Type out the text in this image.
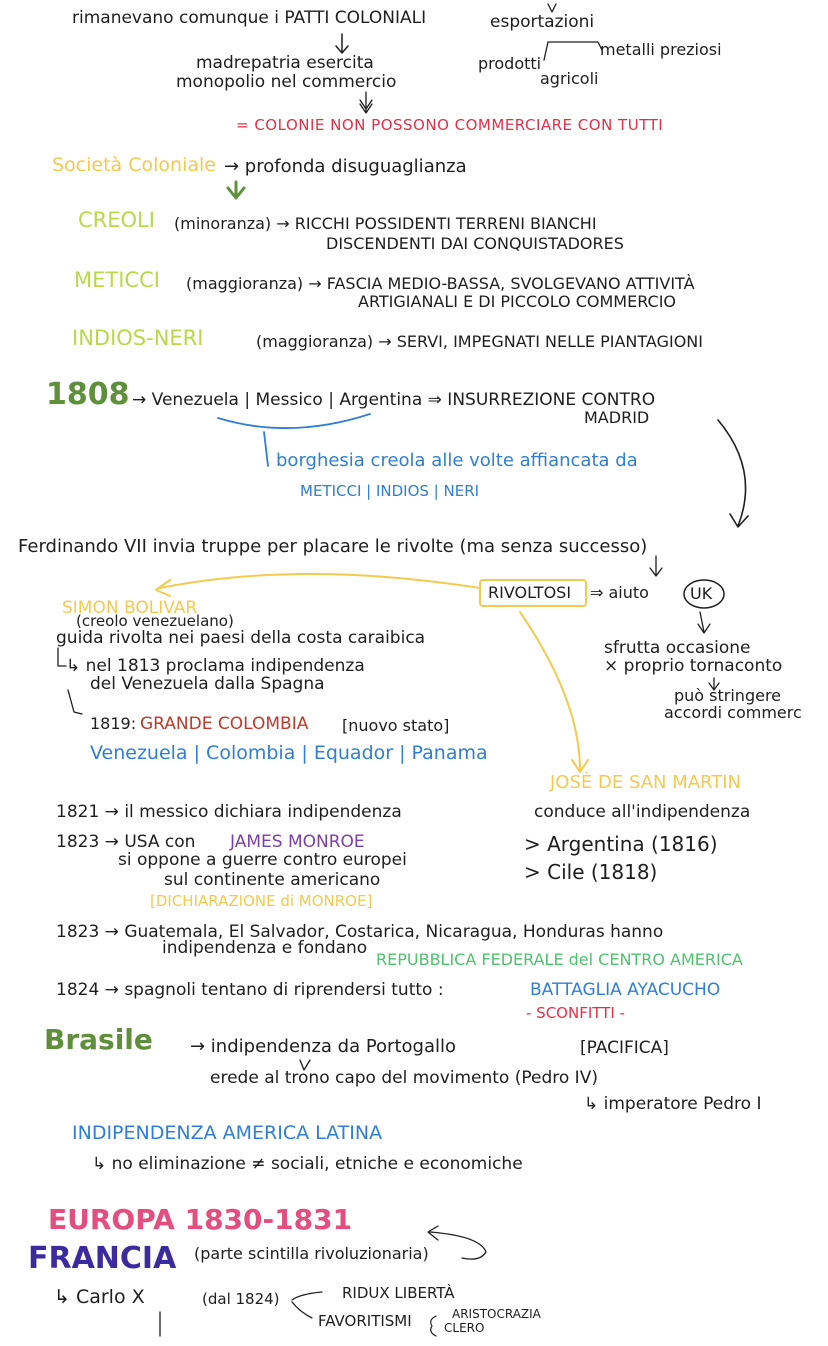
rimanevano comunque i PATTI COLONIALI	esportazioni
metalli preziosi
madrepatria esercita
monopolio nel commercio
prodotti
agricoli
= COLONIE NON POSSONO COMMERCIARE CON TUTTI
Società Coloniale → profonda disuguaglianza
CREOLI (minoranza) → RICCHI POSSIDENTI TERRENI BIANCHI
DISCENDENTI DAI CONQUISTADORES
METICCI (maggioranza) → FASCIA MEDIO-BASSA, SVOLGEVANO ATTIVITÀ
ARTIGIANALI E DI PICCOLO COMMERCIO
INDIOS-NERI	(maggioranza) → SERVI, IMPEGNATI NELLE PIANTAGIONI
1808 → Venezuela | Messico | Argentina ⇒ INSURREZIONE CONTRO
MADRID
borghesia creola alle volte affiancata da
METICCI | INDIOS | NERI
Ferdinando VII invia truppe per placare le rivolte (ma senza successo)
RIVOLTOSI ⇒ aiuto	UK
sfrutta occasione
× proprio tornaconto
può stringere
accordi commerc
SIMON BOLIVAR
(creolo venezuelano)
guida rivolta nei paesi della costa caraibica
↳ nel 1813 proclama indipendenza
del Venezuela dalla Spagna
1819: GRANDE COLOMBIA [nuovo stato]
Venezuela | Colombia | Equador | Panama
JOSÈ DE SAN MARTIN
conduce all'indipendenza
> Argentina (1816)
> Cile (1818)
1821 → il messico dichiara indipendenza
1823 → USA con JAMES MONROE
si oppone a guerre contro europei
sul continente americano
[DICHIARAZIONE di MONROE]
1823 → Guatemala, El Salvador, Costarica, Nicaragua, Honduras hanno
indipendenza e fondano
REPUBBLICA FEDERALE del CENTRO AMERICA
1824 → spagnoli tentano di riprendersi tutto :	BATTAGLIA AYACUCHO
- SCONFITTI -
Brasile → indipendenza da Portogallo	[PACIFICA]
erede al trono capo del movimento (Pedro IV)
↳ imperatore Pedro I
INDIPENDENZA AMERICA LATINA
↳ no eliminazione ≠ sociali, etniche e economiche
EUROPA 1830-1831
FRANCIA (parte scintilla rivoluzionaria)
↳ Carlo X	(dal 1824)	RIDUX LIBERTÀ
FAVORITISMI	ARISTOCRAZIA
CLERO
